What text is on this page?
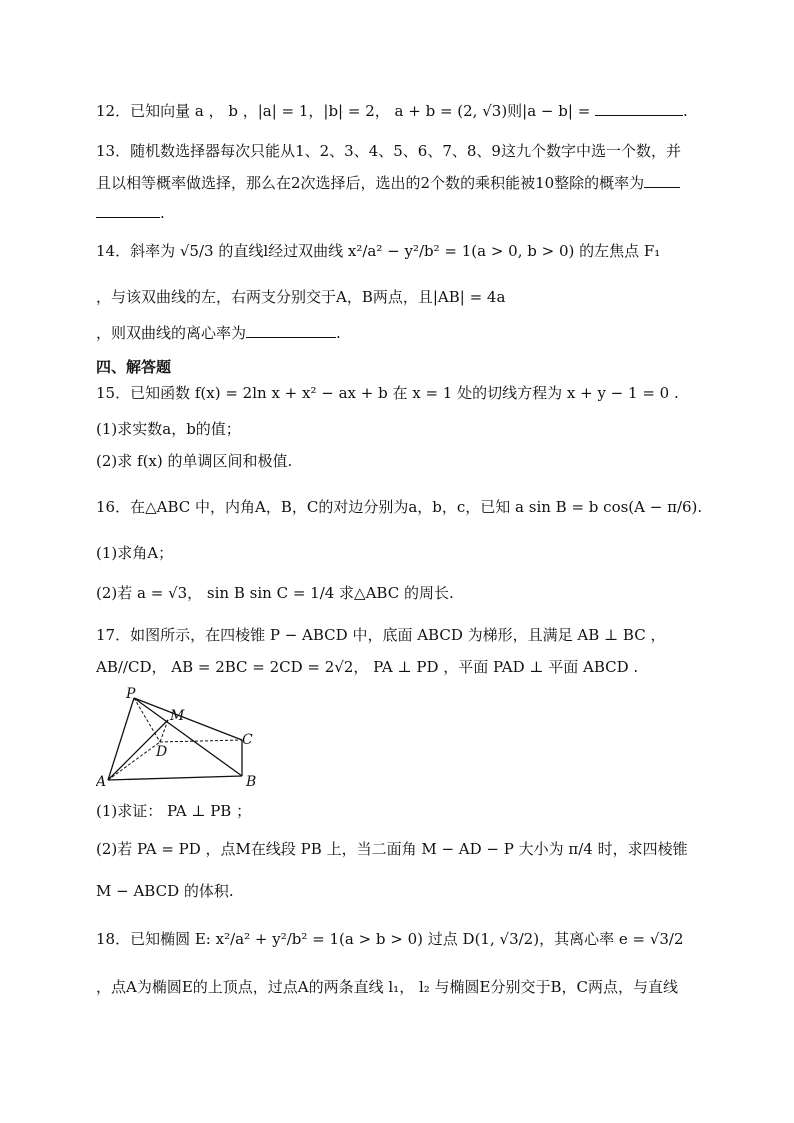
12．已知向量 a ， b ，|a| = 1，|b| = 2， a + b = (2, √3)则|a − b| =	.
13．随机数选择器每次只能从1、2、3、4、5、6、7、8、9这九个数字中选一个数，并
且以相等概率做选择，那么在2次选择后，选出的2个数的乘积能被10整除的概率为
.
14．斜率为 √5/3 的直线l经过双曲线 x²/a² − y²/b² = 1(a > 0, b > 0) 的左焦点 F₁
，与该双曲线的左，右两支分别交于A，B两点，且|AB| = 4a
，则双曲线的离心率为	.
四、解答题
15．已知函数 f(x) = 2ln x + x² − ax + b 在 x = 1 处的切线方程为 x + y − 1 = 0 .
(1)求实数a，b的值；
(2)求 f(x) 的单调区间和极值.
16．在△ABC 中，内角A，B，C的对边分别为a，b，c，已知 a sin B = b cos(A − π/6).
(1)求角A；
(2)若 a = √3， sin B sin C = 1/4 求△ABC 的周长.
17．如图所示，在四棱锥 P − ABCD 中，底面 ABCD 为梯形，且满足 AB ⊥ BC ，
AB//CD， AB = 2BC = 2CD = 2√2， PA ⊥ PD ，平面 PAD ⊥ 平面 ABCD .
P
M
D
C
A	B
(1)求证： PA ⊥ PB ；
(2)若 PA = PD ，点M在线段 PB 上，当二面角 M − AD − P 大小为 π/4 时，求四棱锥
M − ABCD 的体积.
18．已知椭圆 E: x²/a² + y²/b² = 1(a > b > 0) 过点 D(1, √3/2)，其离心率 e = √3/2
，点A为椭圆E的上顶点，过点A的两条直线 l₁， l₂ 与椭圆E分别交于B，C两点，与直线
